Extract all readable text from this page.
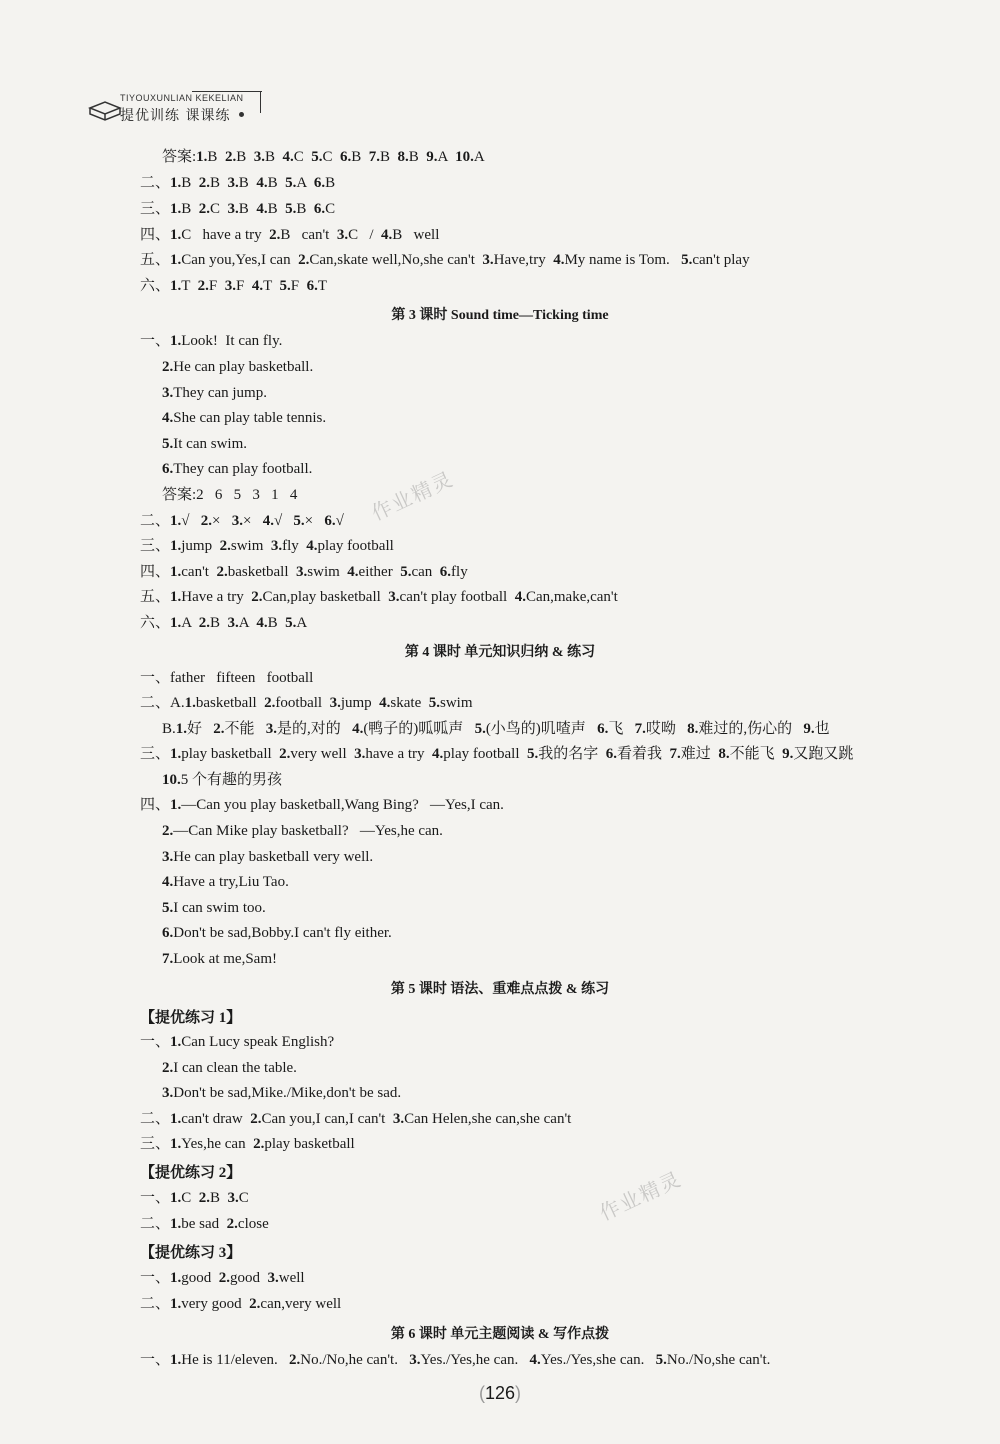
TIYOUXUNLIAN KEKELIAN
提优训练 课课练
答案:1.B  2.B  3.B  4.C  5.C  6.B  7.B  8.B  9.A  10.A
二、1.B  2.B  3.B  4.B  5.A  6.B
三、1.B  2.C  3.B  4.B  5.B  6.C
四、1.C   have a try  2.B   can't  3.C   /  4.B   well
五、1.Can you,Yes,I can  2.Can,skate well,No,she can't  3.Have,try  4.My name is Tom.   5.can't play
六、1.T  2.F  3.F  4.T  5.F  6.T
第 3 课时 Sound time—Ticking time
一、1.Look!  It can fly.
2.He can play basketball.
3.They can jump.
4.She can play table tennis.
5.It can swim.
6.They can play football.
答案:2   6   5   3   1   4
二、1.√   2.×   3.×   4.√   5.×   6.√
三、1.jump  2.swim  3.fly  4.play football
四、1.can't  2.basketball  3.swim  4.either  5.can  6.fly
五、1.Have a try  2.Can,play basketball  3.can't play football  4.Can,make,can't
六、1.A  2.B  3.A  4.B  5.A
第 4 课时 单元知识归纳 & 练习
一、father   fifteen   football
二、A.1.basketball  2.football  3.jump  4.skate  5.swim
B.1.好   2.不能   3.是的,对的   4.(鸭子的)呱呱声   5.(小鸟的)叽喳声   6.飞   7.哎呦   8.难过的,伤心的   9.也
三、1.play basketball  2.very well  3.have a try  4.play football  5.我的名字  6.看着我  7.难过  8.不能飞  9.又跑又跳
10.5 个有趣的男孩
四、1.—Can you play basketball,Wang Bing?   —Yes,I can.
2.—Can Mike play basketball?   —Yes,he can.
3.He can play basketball very well.
4.Have a try,Liu Tao.
5.I can swim too.
6.Don't be sad,Bobby.I can't fly either.
7.Look at me,Sam!
第 5 课时 语法、重难点点拨 & 练习
【提优练习 1】
一、1.Can Lucy speak English?
2.I can clean the table.
3.Don't be sad,Mike./Mike,don't be sad.
二、1.can't draw  2.Can you,I can,I can't  3.Can Helen,she can,she can't
三、1.Yes,he can  2.play basketball
【提优练习 2】
一、1.C  2.B  3.C
二、1.be sad  2.close
【提优练习 3】
一、1.good  2.good  3.well
二、1.very good  2.can,very well
第 6 课时 单元主题阅读 & 写作点拨
一、1.He is 11/eleven.   2.No./No,he can't.   3.Yes./Yes,he can.   4.Yes./Yes,she can.   5.No./No,she can't.
作业精灵
作业精灵
(126)
